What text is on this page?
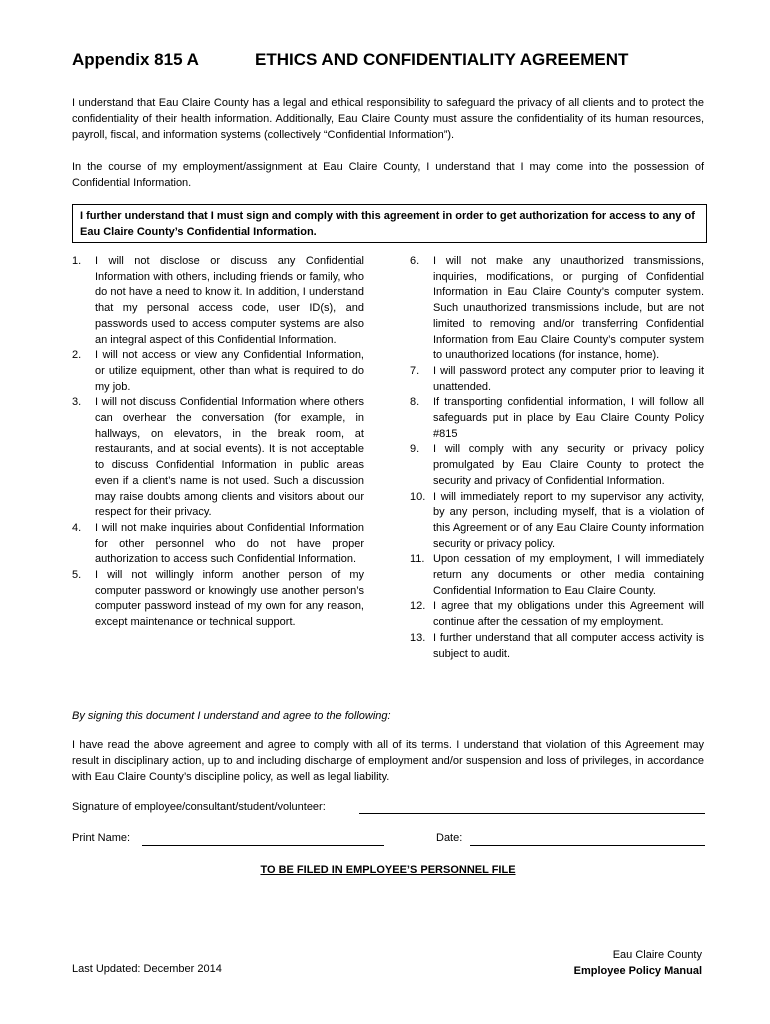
Appendix 815 A	ETHICS AND CONFIDENTIALITY AGREEMENT
I understand that Eau Claire County has a legal and ethical responsibility to safeguard the privacy of all clients and to protect the confidentiality of their health information. Additionally, Eau Claire County must assure the confidentiality of its human resources, payroll, fiscal, and information systems (collectively “Confidential Information”).
In the course of my employment/assignment at Eau Claire County, I understand that I may come into the possession of Confidential Information.
I further understand that I must sign and comply with this agreement in order to get authorization for access to any of Eau Claire County’s Confidential Information.
1. I will not disclose or discuss any Confidential Information with others, including friends or family, who do not have a need to know it. In addition, I understand that my personal access code, user ID(s), and passwords used to access computer systems are also an integral aspect of this Confidential Information.
2. I will not access or view any Confidential Information, or utilize equipment, other than what is required to do my job.
3. I will not discuss Confidential Information where others can overhear the conversation (for example, in hallways, on elevators, in the break room, at restaurants, and at social events). It is not acceptable to discuss Confidential Information in public areas even if a client’s name is not used. Such a discussion may raise doubts among clients and visitors about our respect for their privacy.
4. I will not make inquiries about Confidential Information for other personnel who do not have proper authorization to access such Confidential Information.
5. I will not willingly inform another person of my computer password or knowingly use another person’s computer password instead of my own for any reason, except maintenance or technical support.
6. I will not make any unauthorized transmissions, inquiries, modifications, or purging of Confidential Information in Eau Claire County’s computer system. Such unauthorized transmissions include, but are not limited to removing and/or transferring Confidential Information from Eau Claire County’s computer system to unauthorized locations (for instance, home).
7. I will password protect any computer prior to leaving it unattended.
8. If transporting confidential information, I will follow all safeguards put in place by Eau Claire County Policy #815
9. I will comply with any security or privacy policy promulgated by Eau Claire County to protect the security and privacy of Confidential Information.
10. I will immediately report to my supervisor any activity, by any person, including myself, that is a violation of this Agreement or of any Eau Claire County information security or privacy policy.
11. Upon cessation of my employment, I will immediately return any documents or other media containing Confidential Information to Eau Claire County.
12. I agree that my obligations under this Agreement will continue after the cessation of my employment.
13. I further understand that all computer access activity is subject to audit.
By signing this document I understand and agree to the following:
I have read the above agreement and agree to comply with all of its terms. I understand that violation of this Agreement may result in disciplinary action, up to and including discharge of employment and/or suspension and loss of privileges, in accordance with Eau Claire County’s discipline policy, as well as legal liability.
Signature of employee/consultant/student/volunteer:
Print Name:	Date:
TO BE FILED IN EMPLOYEE’S PERSONNEL FILE
Last Updated: December 2014
Eau Claire County
Employee Policy Manual
